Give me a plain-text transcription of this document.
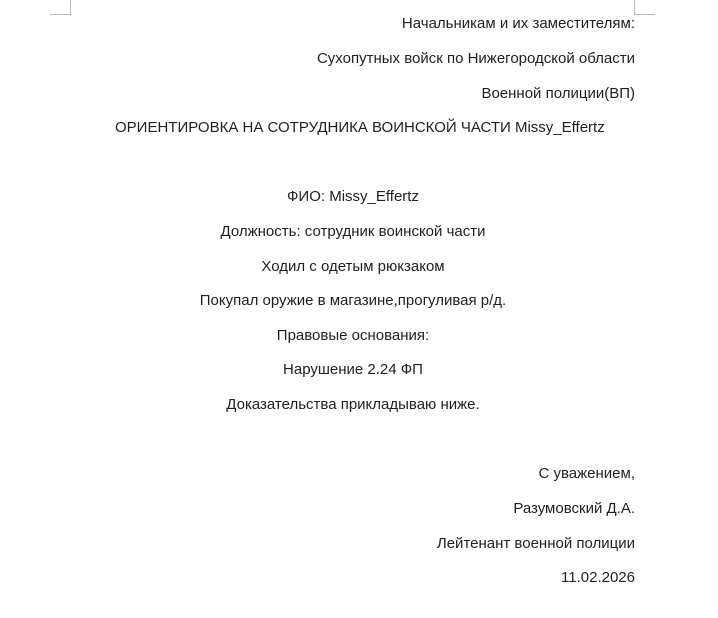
Начальникам и их заместителям:
Сухопутных войск по Нижегородской области
Военной полиции(ВП)
ОРИЕНТИРОВКА НА СОТРУДНИКА ВОИНСКОЙ ЧАСТИ Missy_Effertz
ФИО: Missy_Effertz
Должность: сотрудник воинской части
Ходил с одетым рюкзаком
Покупал оружие в магазине,прогуливая р/д.
Правовые основания:
Нарушение 2.24 ФП
Доказательства прикладываю ниже.
С уважением,
Разумовский Д.А.
Лейтенант военной полиции
11.02.2026
